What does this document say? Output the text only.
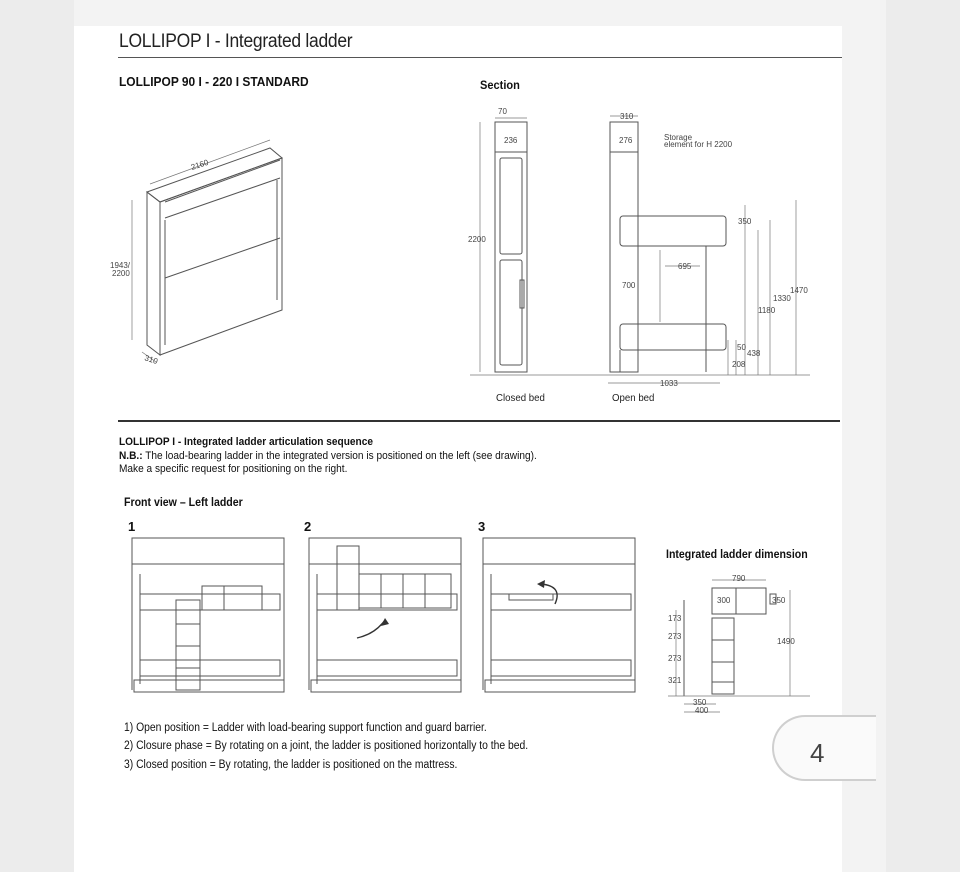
LOLLIPOP I - Integrated ladder
LOLLIPOP 90 I - 220 I STANDARD
2160
1943/
2200
310
Section
70
236
2200
310
276	Storage
element for H 2200
350
695
700
1470
1330
1180
50
438
208
1033
Closed bed	Open bed
LOLLIPOP I - Integrated ladder articulation sequence
N.B.: The load-bearing ladder in the integrated version is positioned on the left (see drawing).
Make a specific request for positioning on the right.
Front view – Left ladder
1	2	3
Integrated ladder dimension
790
300	350
1490
173
273
273
321
350
400
1) Open position = Ladder with load-bearing support function and guard barrier.
2) Closure phase = By rotating on a joint, the ladder is positioned horizontally to the bed.
3) Closed position = By rotating, the ladder is positioned on the mattress.	4
